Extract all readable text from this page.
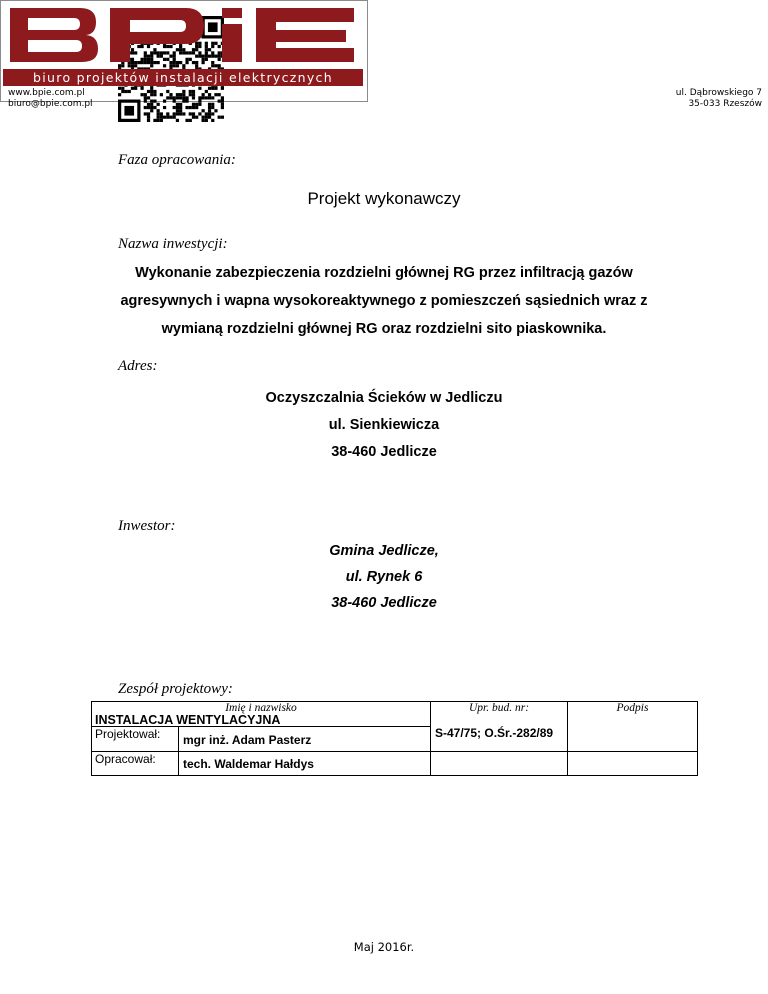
biuro projektów instalacji elektrycznych
www.bpie.com.pl
biuro@bpie.com.pl
ul. Dąbrowskiego 7
35-033 Rzeszów
Faza opracowania:
Projekt wykonawczy
Nazwa inwestycji:
Wykonanie zabezpieczenia rozdzielni głównej RG przez infiltracją gazów
agresywnych i wapna wysokoreaktywnego z pomieszczeń sąsiednich wraz z
wymianą rozdzielni głównej RG oraz rozdzielni sito piaskownika.
Adres:
Oczyszczalnia Ścieków w Jedliczu
ul. Sienkiewicza
38-460 Jedlicze
Inwestor:
Gmina Jedlicze,
ul. Rynek 6
38-460 Jedlicze
Zespół projektowy:
Imię i nazwisko		Upr. bud. nr:	Podpis
INSTALACJA WENTYLACYJNA		S-47/75; O.Śr.-282/89	
Projektował:	mgr inż. Adam Pasterz		
Opracował:	tech. Waldemar Hałdys		
Maj 2016r.
